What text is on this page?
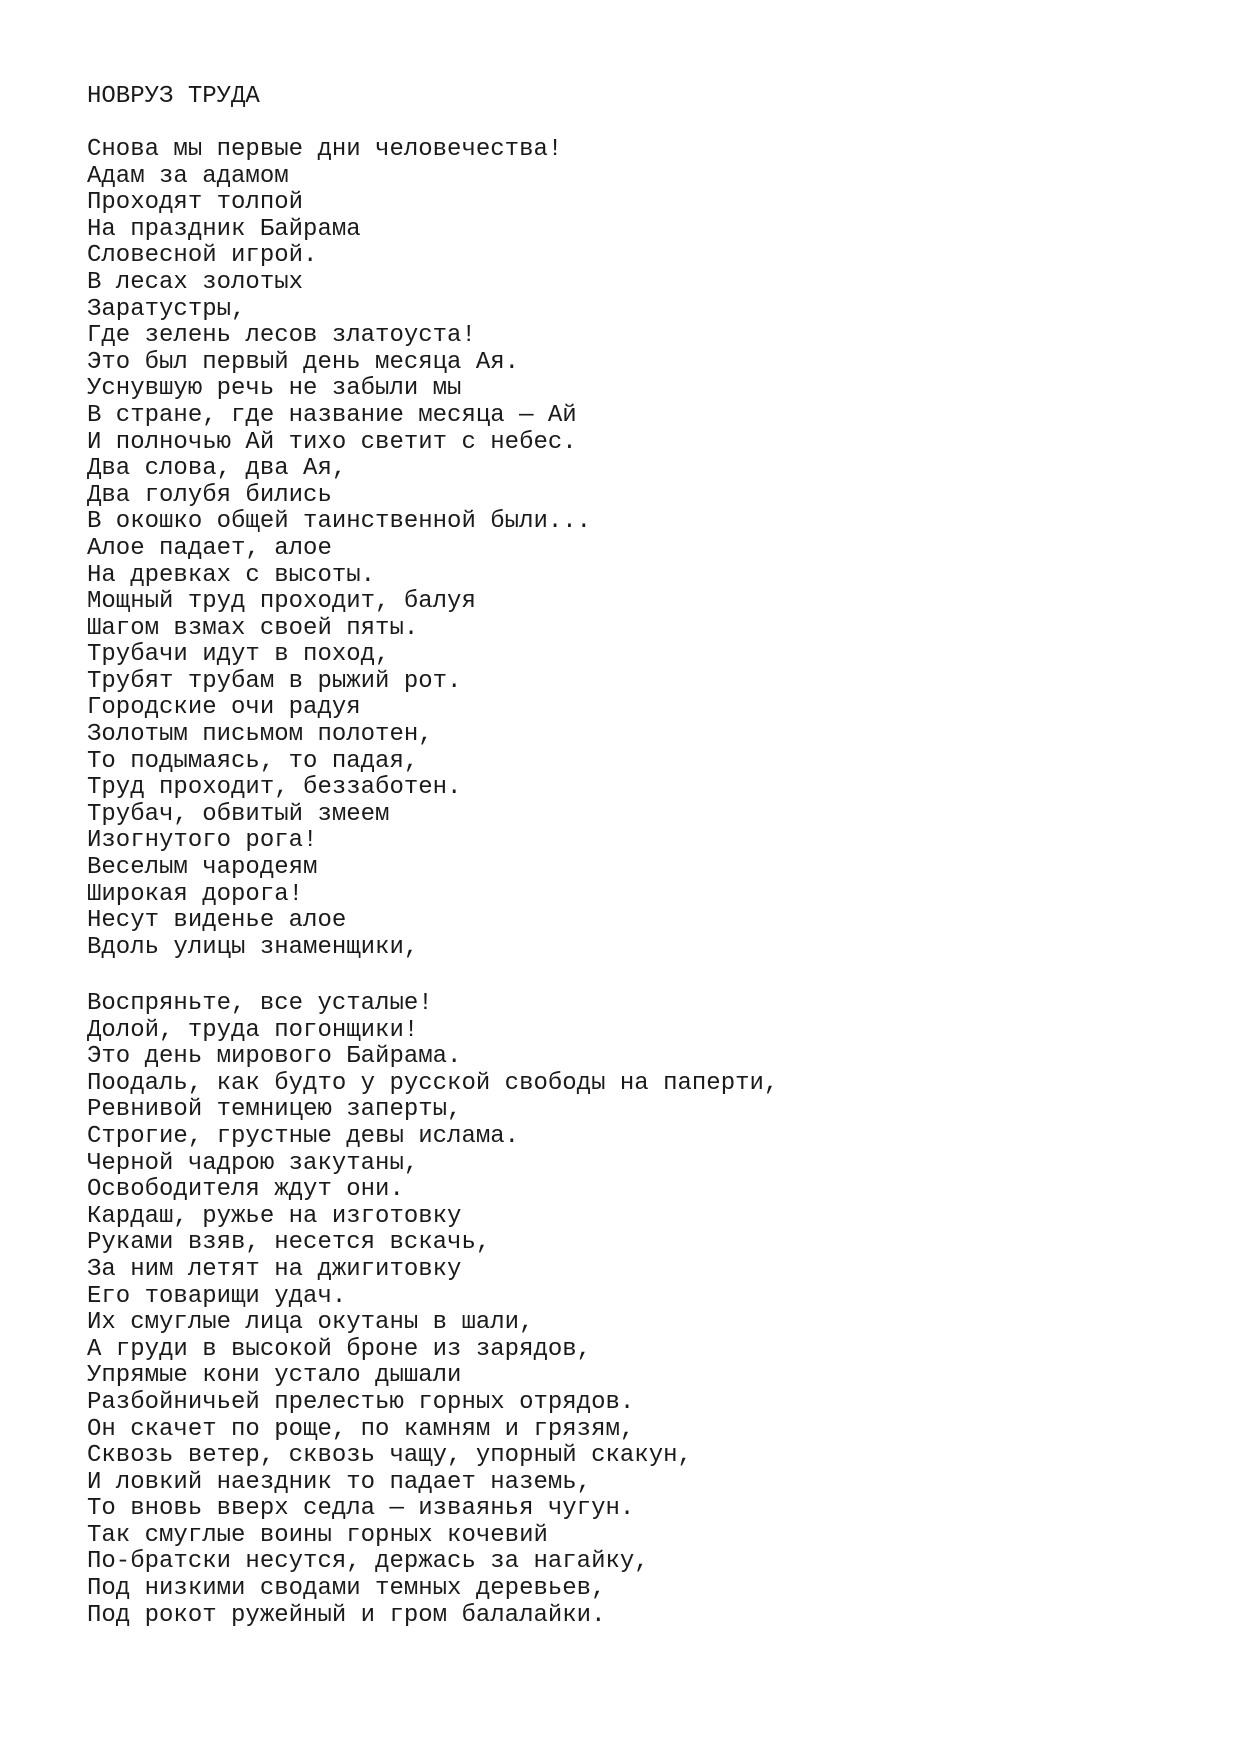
НОВРУЗ ТРУДА
Снова мы первые дни человечества!
Адам за адамом
Проходят толпой
На праздник Байрама
Словесной игрой.
В лесах золотых
Заратустры,
Где зелень лесов златоуста!
Это был первый день месяца Ая.
Уснувшую речь не забыли мы
В стране, где название месяца — Ай
И полночью Ай тихо светит с небес.
Два слова, два Ая,
Два голубя бились
В окошко общей таинственной были...
Алое падает, алое
На древках с высоты.
Мощный труд проходит, балуя
Шагом взмах своей пяты.
Трубачи идут в поход,
Трубят трубам в рыжий рот.
Городские очи радуя
Золотым письмом полотен,
То подымаясь, то падая,
Труд проходит, беззаботен.
Трубач, обвитый змеем
Изогнутого рога!
Веселым чародеям
Широкая дорога!
Несут виденье алое
Вдоль улицы знаменщики,
Воспряньте, все усталые!
Долой, труда погонщики!
Это день мирового Байрама.
Поодаль, как будто у русской свободы на паперти,
Ревнивой темницею заперты,
Строгие, грустные девы ислама.
Черной чадрою закутаны,
Освободителя ждут они.
Кардаш, ружье на изготовку
Руками взяв, несется вскачь,
За ним летят на джигитовку
Его товарищи удач.
Их смуглые лица окутаны в шали,
А груди в высокой броне из зарядов,
Упрямые кони устало дышали
Разбойничьей прелестью горных отрядов.
Он скачет по роще, по камням и грязям,
Сквозь ветер, сквозь чащу, упорный скакун,
И ловкий наездник то падает наземь,
То вновь вверх седла — изваянья чугун.
Так смуглые воины горных кочевий
По-братски несутся, держась за нагайку,
Под низкими сводами темных деревьев,
Под рокот ружейный и гром балалайки.
